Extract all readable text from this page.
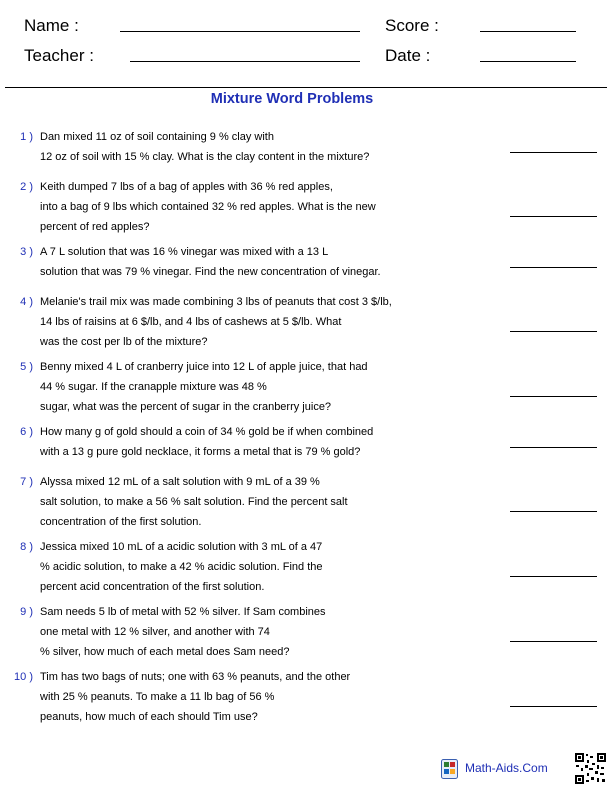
Name :	Score :
Teacher :	Date :
Mixture Word Problems
1 ) Dan mixed 11 oz of soil containing 9 % clay with
12 oz of soil with 15 % clay. What is the clay content in the mixture?
2 ) Keith dumped 7 lbs of a bag of apples with 36 % red apples,
into a bag of 9 lbs which contained 32 % red apples. What is the new
percent of red apples?
3 ) A 7 L solution that was 16 % vinegar was mixed with a 13 L
solution that was 79 % vinegar. Find the new concentration of vinegar.
4 ) Melanie's trail mix was made combining 3 lbs of peanuts that cost 3 $/lb,
14 lbs of raisins at 6 $/lb, and 4 lbs of cashews at 5 $/lb. What
was the cost per lb of the mixture?
5 ) Benny mixed 4 L of cranberry juice into 12 L of apple juice, that had
44 % sugar. If the cranapple mixture was 48 %
sugar, what was the percent of sugar in the cranberry juice?
6 ) How many g of gold should a coin of 34 % gold be if when combined
with a 13 g pure gold necklace, it forms a metal that is 79 % gold?
7 ) Alyssa mixed 12 mL of a salt solution with 9 mL of a 39 %
salt solution, to make a 56 % salt solution. Find the percent salt
concentration of the first solution.
8 ) Jessica mixed 10 mL of a acidic solution with 3 mL of a 47
% acidic solution, to make a 42 % acidic solution. Find the
percent acid concentration of the first solution.
9 ) Sam needs 5 lb of metal with 52 % silver. If Sam combines
one metal with 12 % silver, and another with 74
% silver, how much of each metal does Sam need?
10 ) Tim has two bags of nuts; one with 63 % peanuts, and the other
with 25 % peanuts. To make a 11 lb bag of 56 %
peanuts, how much of each should Tim use?
Math-Aids.Com
